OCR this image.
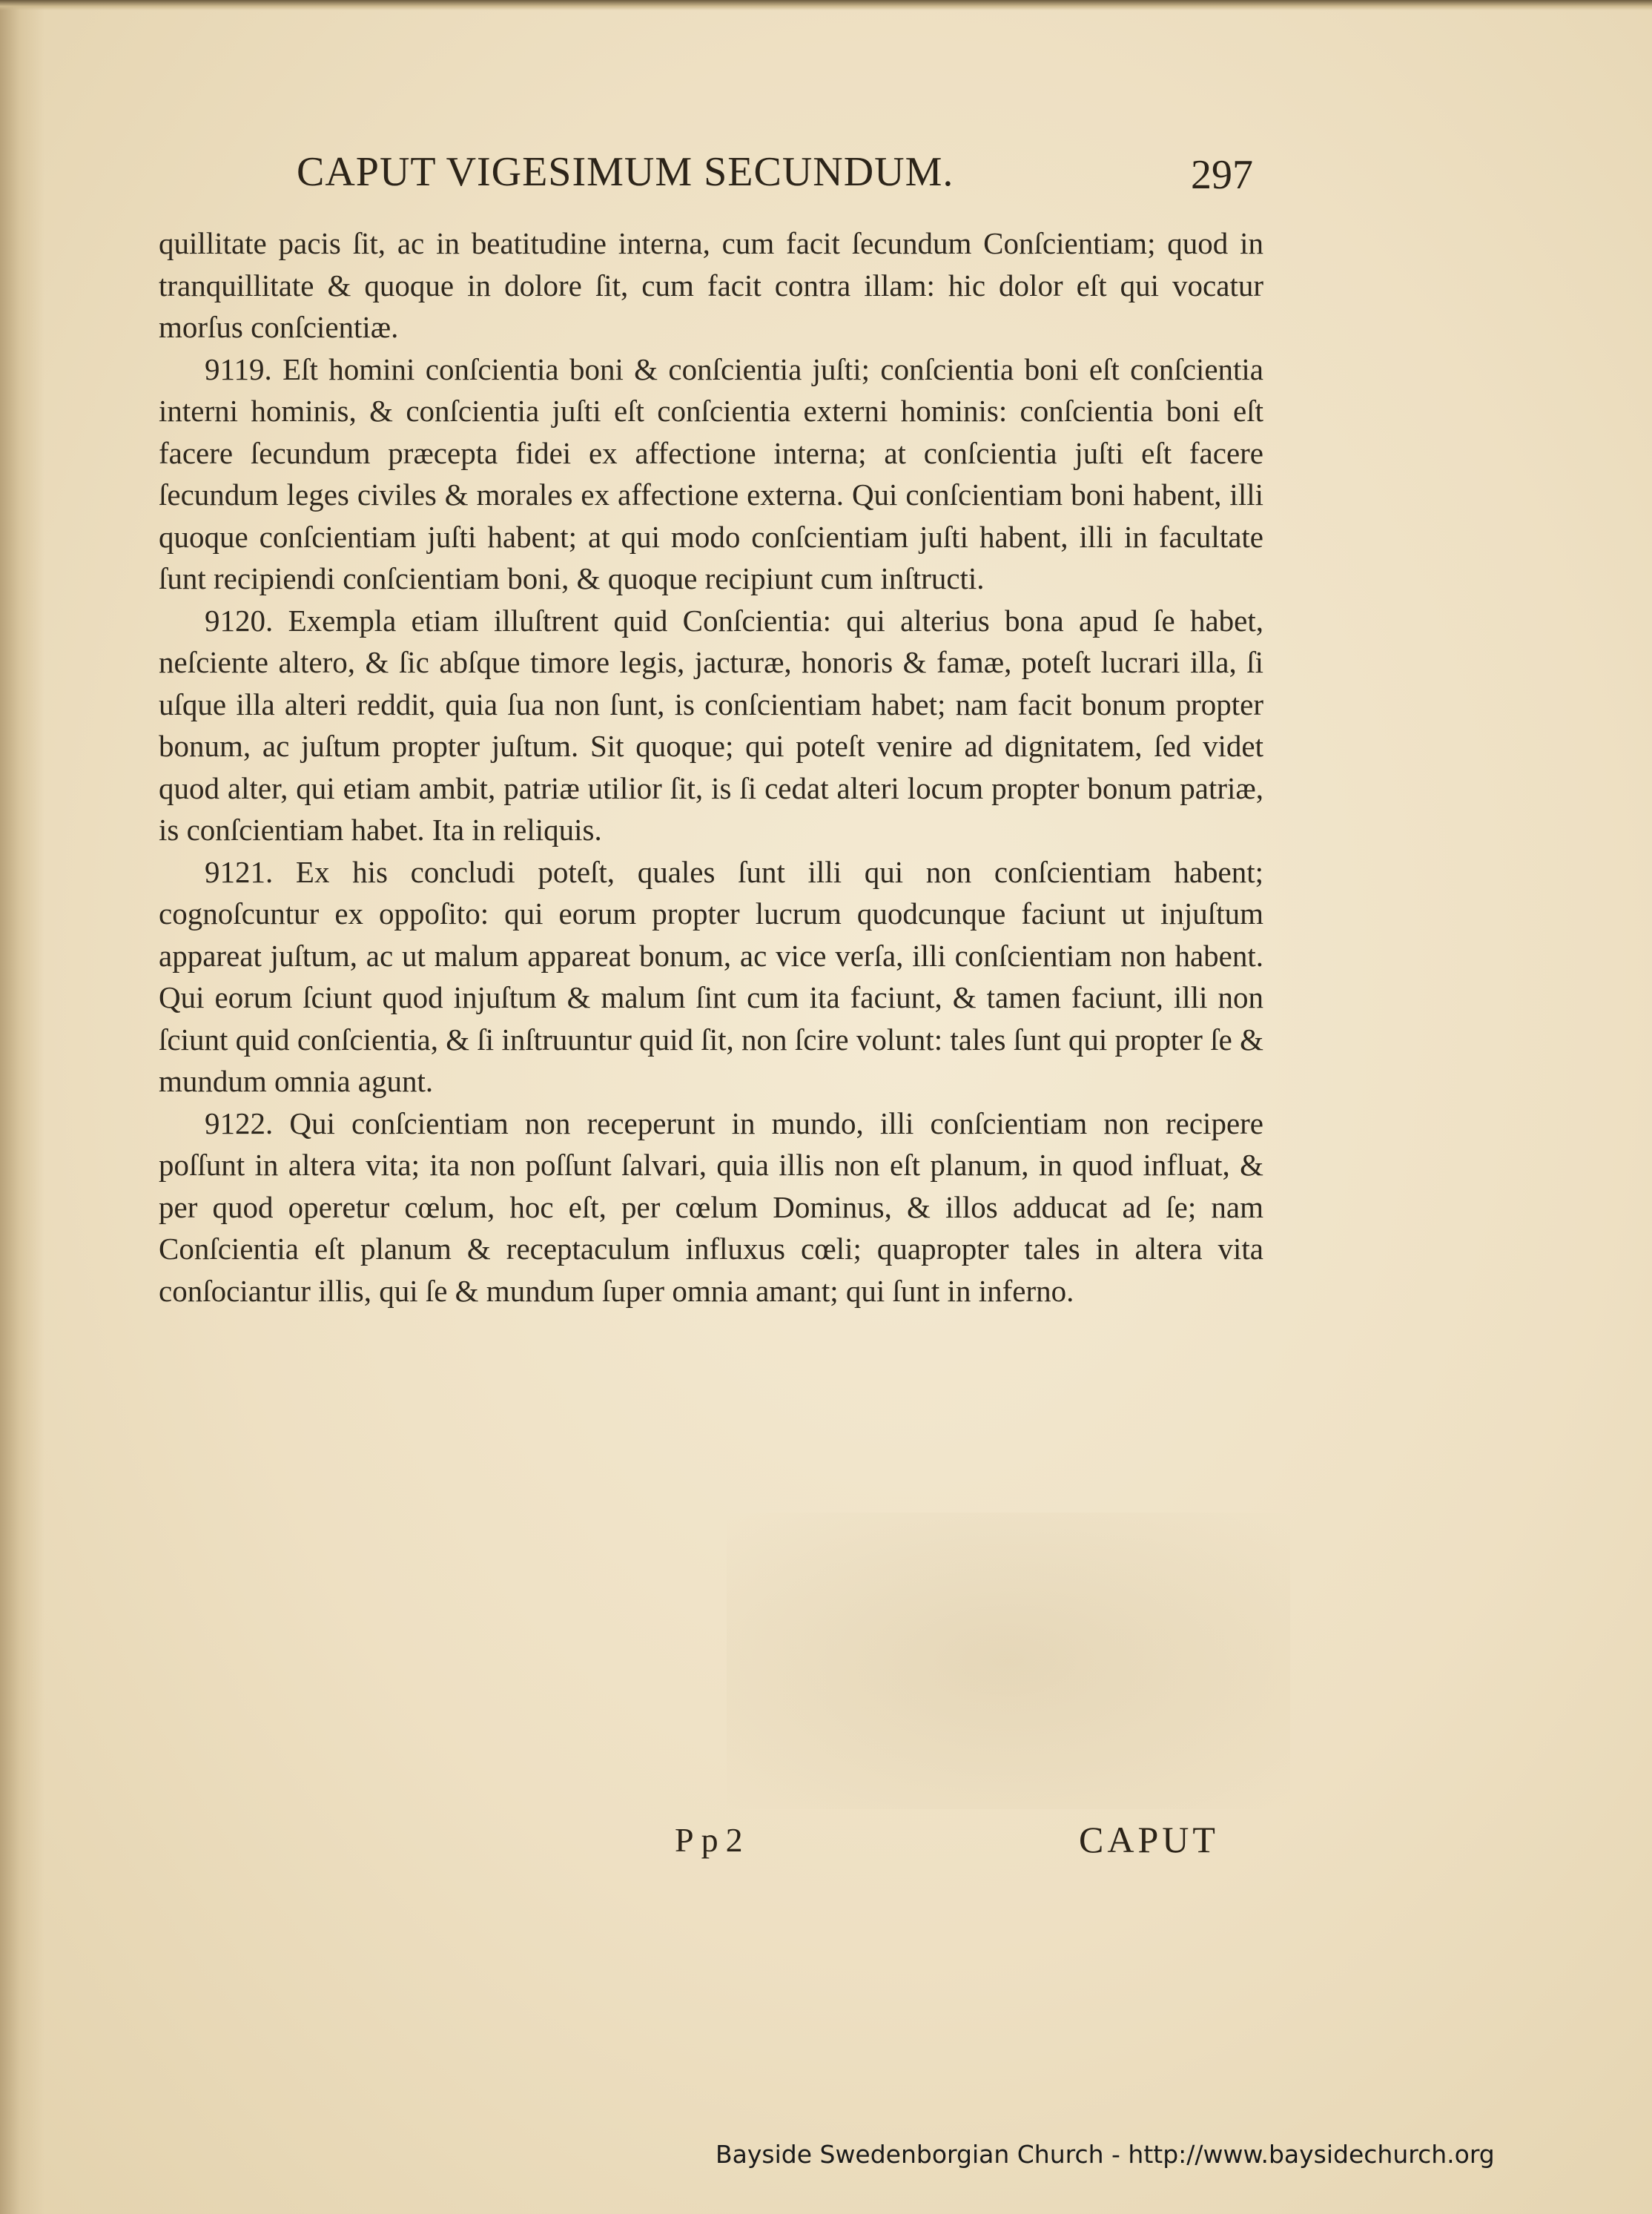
CAPUT VIGESIMUM SECUNDUM.	297

quillitate pacis ſit, ac in beatitudine interna, cum facit ſecundum Conſcientiam; quod in tranquillitate & quoque in dolore ſit, cum facit contra illam: hic dolor eſt qui vocatur morſus conſcientiæ.

9119. Eſt homini conſcientia boni & conſcientia juſti; conſcientia boni eſt conſcientia interni hominis, & conſcientia juſti eſt conſcientia externi hominis: conſcientia boni eſt facere ſecundum præcepta fidei ex affectione interna; at conſcientia juſti eſt facere ſecundum leges civiles & morales ex affectione externa. Qui conſcientiam boni habent, illi quoque conſcientiam juſti habent; at qui modo conſcientiam juſti habent, illi in facultate ſunt recipiendi conſcientiam boni, & quoque recipiunt cum inſtructi.

9120. Exempla etiam illuſtrent quid Conſcientia: qui alterius bona apud ſe habet, neſciente altero, & ſic abſque timore legis, jacturæ, honoris & famæ, poteſt lucrari illa, ſi uſque illa alteri reddit, quia ſua non ſunt, is conſcientiam habet; nam facit bonum propter bonum, ac juſtum propter juſtum. Sit quoque; qui poteſt venire ad dignitatem, ſed videt quod alter, qui etiam ambit, patriæ utilior ſit, is ſi cedat alteri locum propter bonum patriæ, is conſcientiam habet. Ita in reliquis.

9121. Ex his concludi poteſt, quales ſunt illi qui non conſcientiam habent; cognoſcuntur ex oppoſito: qui eorum propter lucrum quodcunque faciunt ut injuſtum appareat juſtum, ac ut malum appareat bonum, ac vice verſa, illi conſcientiam non habent. Qui eorum ſciunt quod injuſtum & malum ſint cum ita faciunt, & tamen faciunt, illi non ſciunt quid conſcientia, & ſi inſtruuntur quid ſit, non ſcire volunt: tales ſunt qui propter ſe & mundum omnia agunt.

9122. Qui conſcientiam non receperunt in mundo, illi conſcientiam non recipere poſſunt in altera vita; ita non poſſunt ſalvari, quia illis non eſt planum, in quod influat, & per quod operetur cœlum, hoc eſt, per cœlum Dominus, & illos adducat ad ſe; nam Conſcientia eſt planum & receptaculum influxus cœli; quapropter tales in altera vita conſociantur illis, qui ſe & mundum ſuper omnia amant; qui ſunt in inferno.

Pp2	CAPUT
Bayside Swedenborgian Church - http://www.baysidechurch.org
